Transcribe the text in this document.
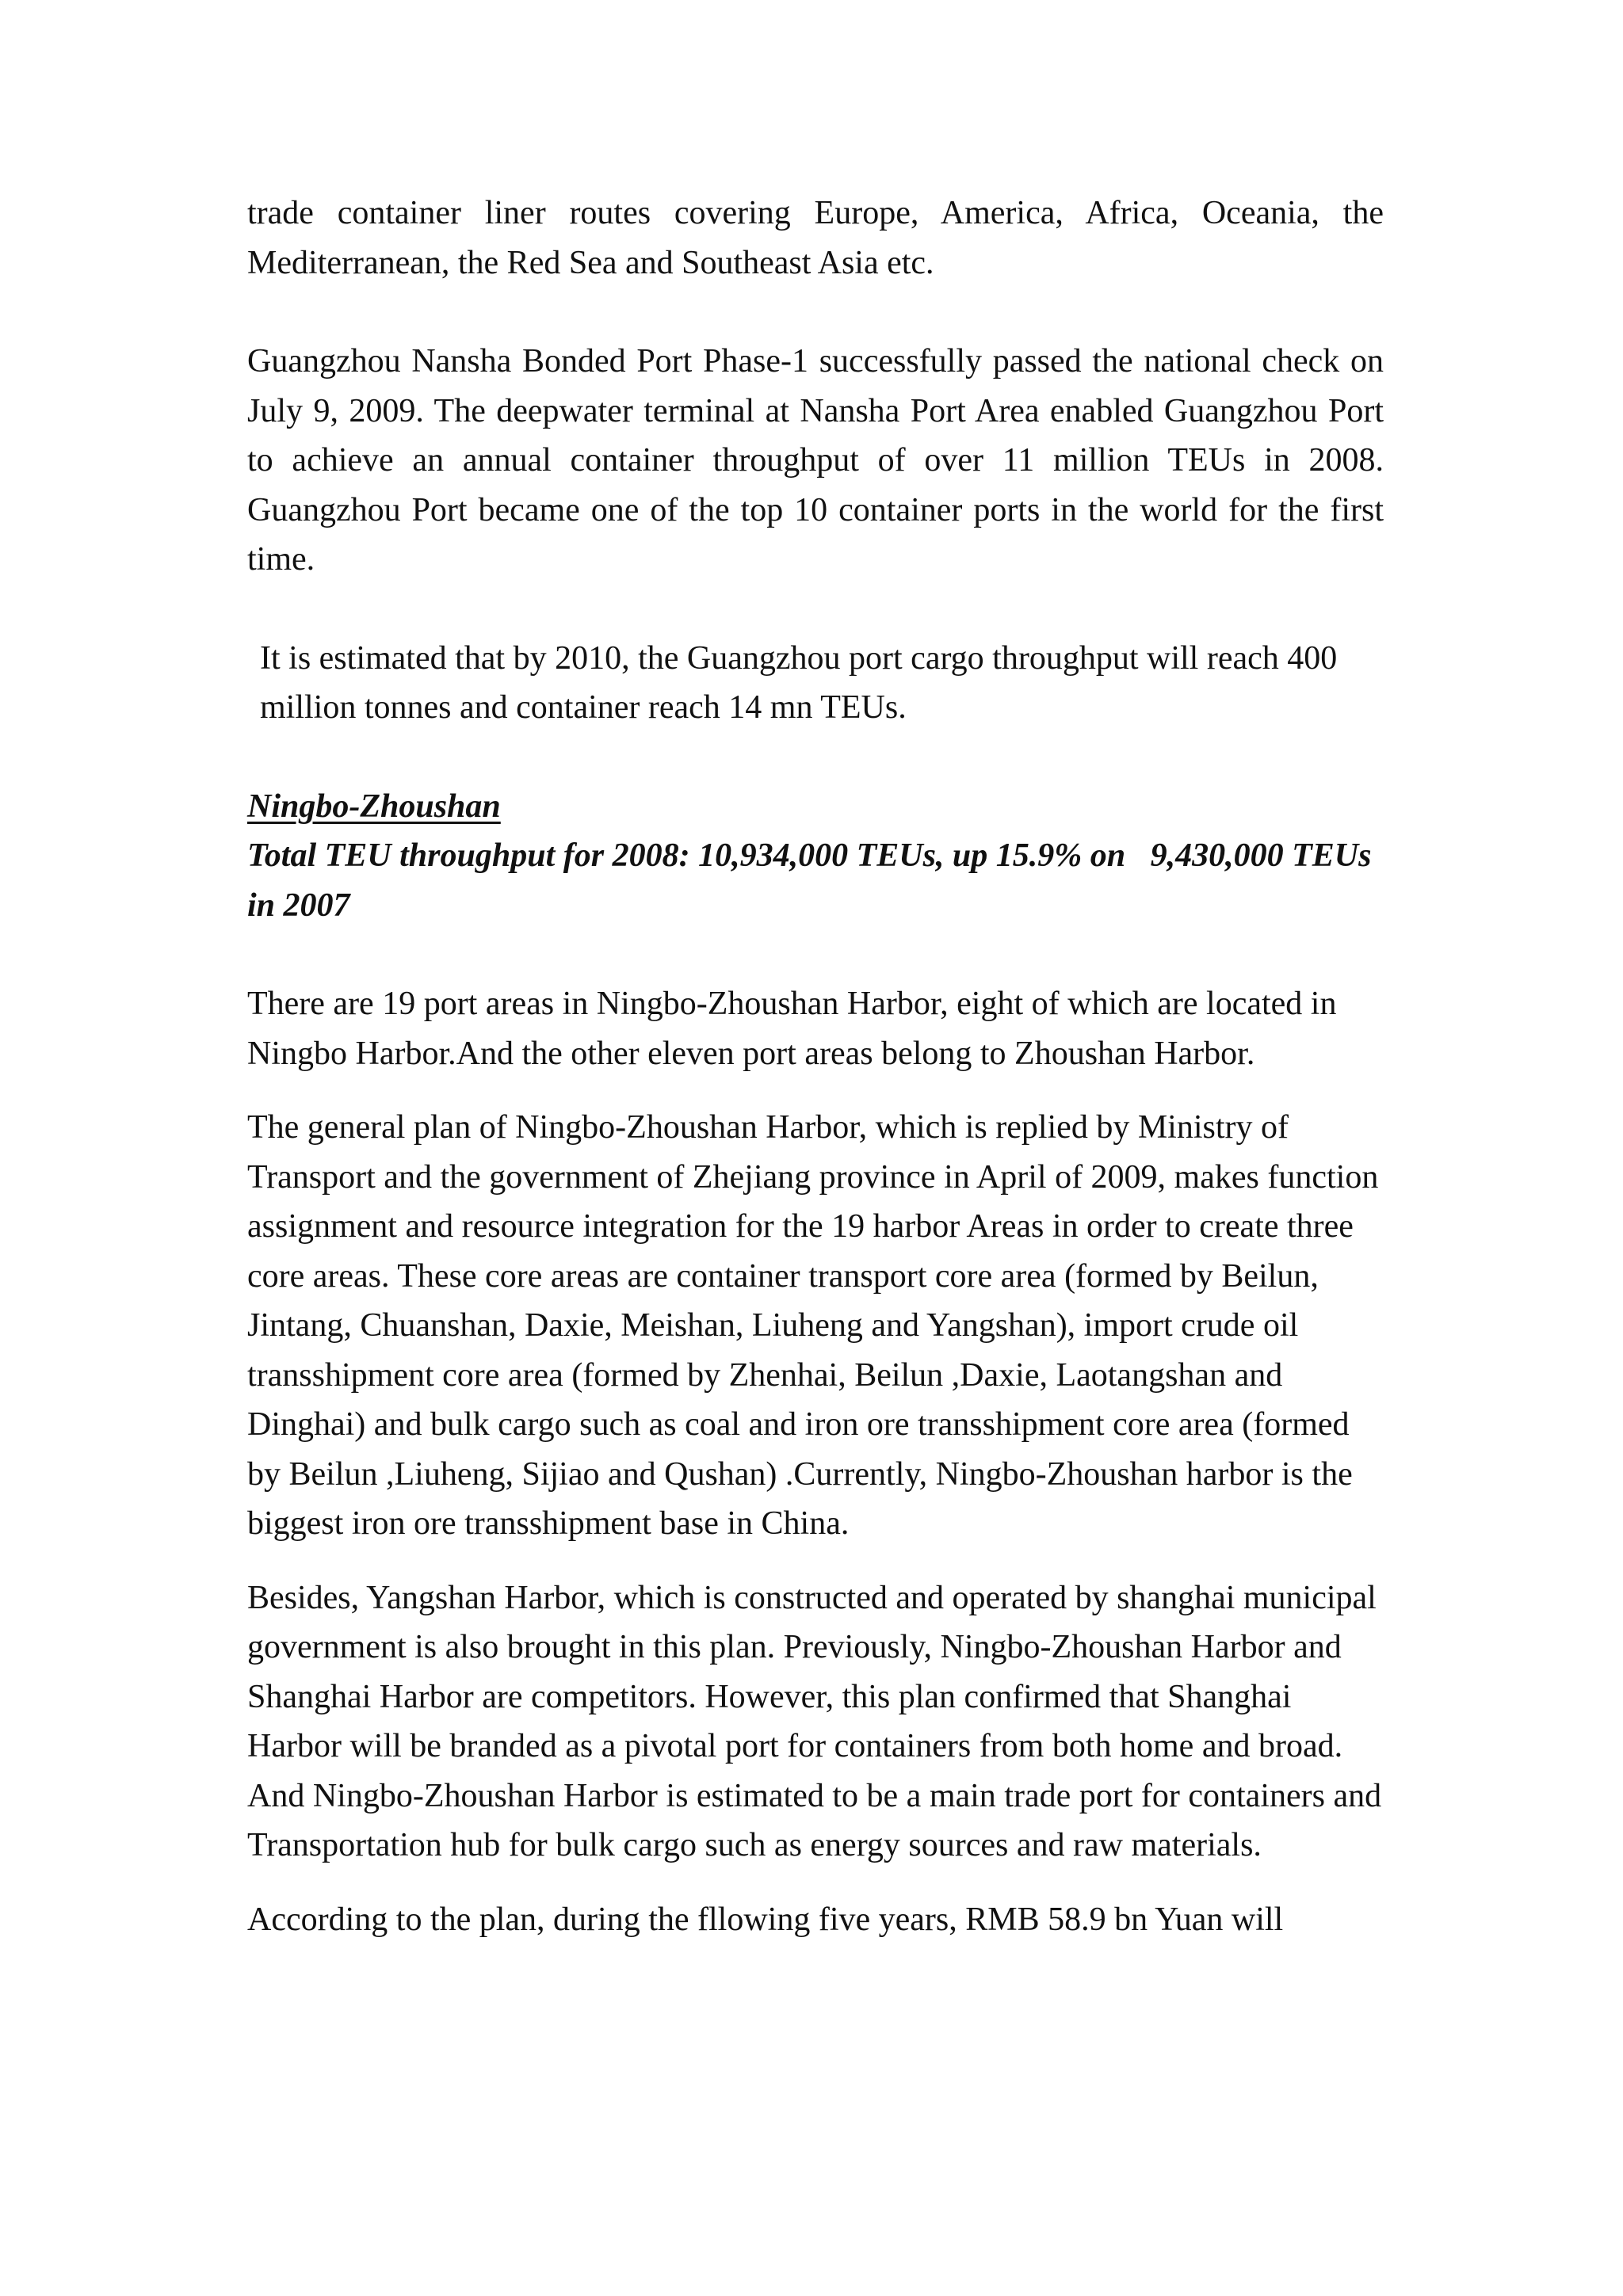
trade container liner routes covering Europe, America, Africa, Oceania, the Mediterranean, the Red Sea and Southeast Asia etc.

Guangzhou Nansha Bonded Port Phase-1 successfully passed the national check on July 9, 2009. The deepwater terminal at Nansha Port Area enabled Guangzhou Port to achieve an annual container throughput of over 11 million TEUs in 2008. Guangzhou Port became one of the top 10 container ports in the world for the first time.

It is estimated that by 2010, the Guangzhou port cargo throughput will reach 400 million tonnes and container reach 14 mn TEUs.

Ningbo-Zhoushan

Total TEU throughput for 2008: 10,934,000 TEUs, up 15.9% on   9,430,000 TEUs in 2007

There are 19 port areas in Ningbo-Zhoushan Harbor, eight of which are located in Ningbo Harbor.And the other eleven port areas belong to Zhoushan Harbor.

The general plan of Ningbo-Zhoushan Harbor, which is replied by Ministry of Transport and the government of Zhejiang province in April of 2009, makes function assignment and resource integration for the 19 harbor Areas in order to create three core areas. These core areas are container transport core area (formed by Beilun, Jintang, Chuanshan, Daxie, Meishan, Liuheng and Yangshan), import crude oil transshipment core area (formed by Zhenhai, Beilun ,Daxie, Laotangshan and Dinghai) and bulk cargo such as coal and iron ore transshipment core area (formed by Beilun ,Liuheng, Sijiao and Qushan) .Currently, Ningbo-Zhoushan harbor is the biggest iron ore transshipment base in China.

Besides, Yangshan Harbor, which is constructed and operated by shanghai municipal government is also brought in this plan. Previously, Ningbo-Zhoushan Harbor and Shanghai Harbor are competitors. However, this plan confirmed that Shanghai Harbor will be branded as a pivotal port for containers from both home and broad. And Ningbo-Zhoushan Harbor is estimated to be a main trade port for containers and Transportation hub for bulk cargo such as energy sources and raw materials.

According to the plan, during the fllowing five years, RMB 58.9 bn Yuan will
